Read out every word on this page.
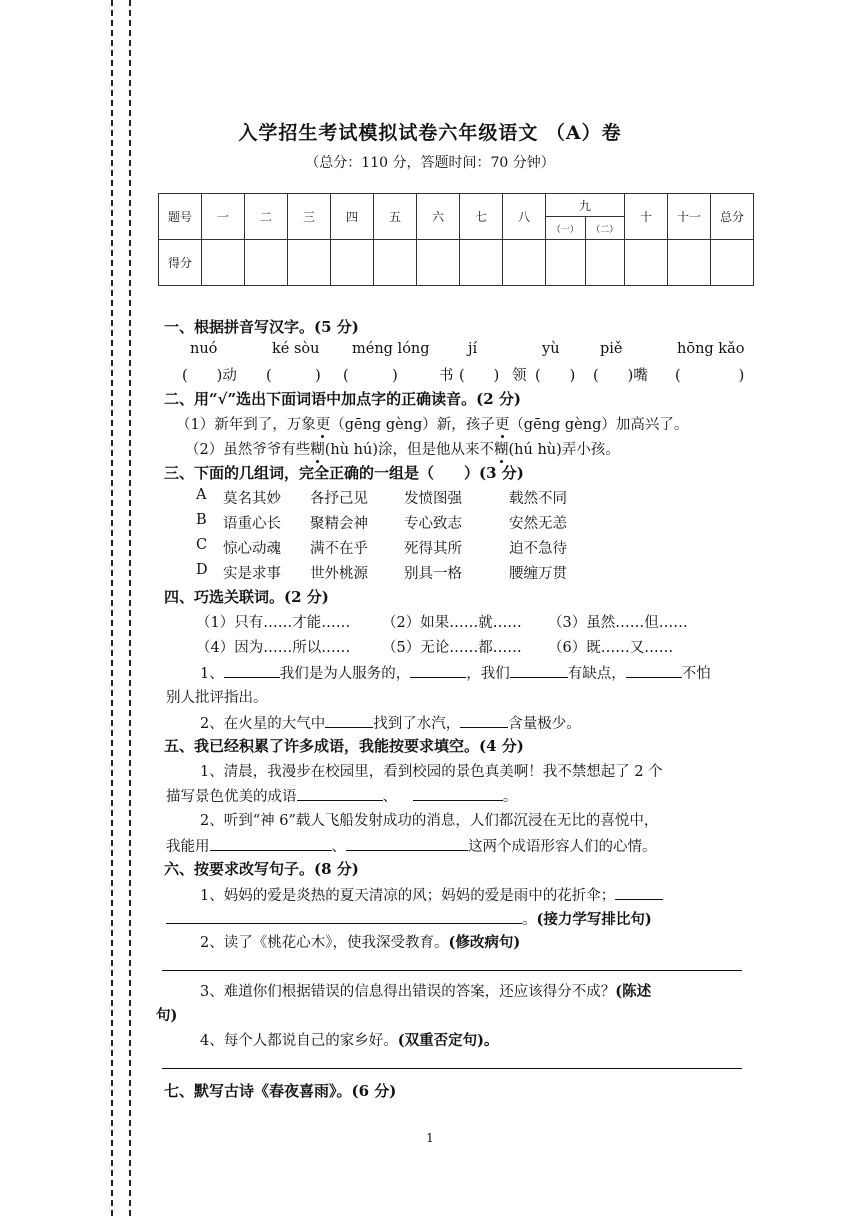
入学招生考试模拟试卷六年级语文 （A）卷
（总分：110 分，答题时间：70 分钟）
题号	一	二	三	四	五	六	七	八	九		十	十一	总分
									（一）	（二）			
得分													
一、根据拼音写汉字。(5 分)
nuó	ké sòu méng lóng	jí	yù	piě	hōng kǎo
(　　)动 (　　　) (　　　)	书 (　　) 领 (　　) (　　)嘴 (　　　　)
二、用“√”选出下面词语中加点字的正确读音。(2 分)
（1）新年到了，万象更（gēng gèng）新，孩子更（gēng gèng）加高兴了。
（2）虽然爷爷有些糊(hù hú)涂，但是他从来不糊(hú hù)弄小孩。
三、下面的几组词，完全正确的一组是（　　）(3 分)
A 莫名其妙 各抒己见 发愤图强	载然不同
B 语重心长 聚精会神 专心致志	安然无恙
C 惊心动魂 满不在乎 死得其所	迫不急待
D 实是求事 世外桃源 别具一格	腰缠万贯
四、巧选关联词。(2 分)
（1）只有……才能…… （2）如果……就…… （3）虽然……但……
（4）因为……所以…… （5）无论……都…… （6）既……又……
1、	我们是为人服务的，	，我们	有缺点，	不怕
别人批评指出。
2、在火星的大气中	找到了水汽，	含量极少。
五、我已经积累了许多成语，我能按要求填空。(4 分)
1、清晨，我漫步在校园里，看到校园的景色真美啊！我不禁想起了 2 个
描写景色优美的成语	、	。
2、听到“神 6”载人飞船发射成功的消息，人们都沉浸在无比的喜悦中，
我能用	、	这两个成语形容人们的心情。
六、按要求改写句子。(8 分)
1、妈妈的爱是炎热的夏天清凉的风；妈妈的爱是雨中的花折伞；
。(接力学写排比句)
2、读了《桃花心木》，使我深受教育。(修改病句)
3、难道你们根据错误的信息得出错误的答案，还应该得分不成？(陈述
句)
4、每个人都说自己的家乡好。(双重否定句)。
七、默写古诗《春夜喜雨》。(6 分)
1
